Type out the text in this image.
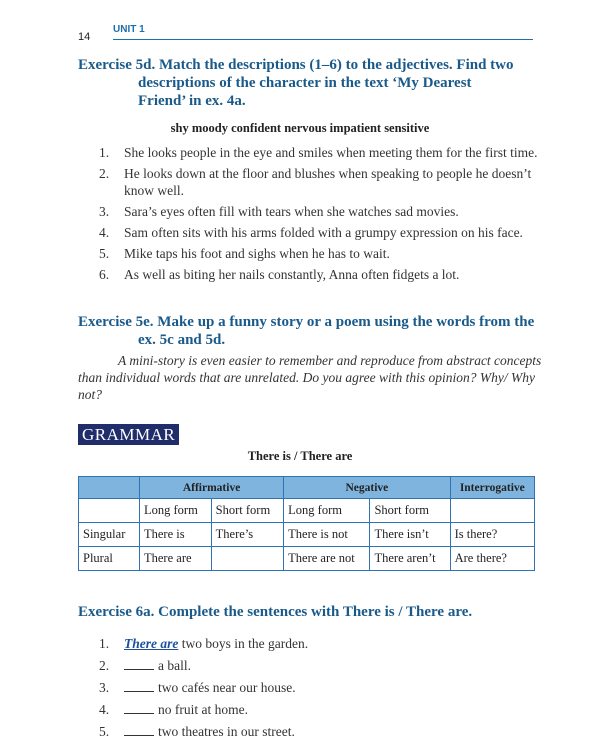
14
UNIT 1
Exercise 5d. Match the descriptions (1–6) to the adjectives. Find two
descriptions of the character in the text ‘My Dearest
Friend’ in ex. 4a.
shy moody confident nervous impatient sensitive
1. She looks people in the eye and smiles when meeting them for the first time.
2. He looks down at the floor and blushes when speaking to people he doesn’t know well.
3. Sara’s eyes often fill with tears when she watches sad movies.
4. Sam often sits with his arms folded with a grumpy expression on his face.
5. Mike taps his foot and sighs when he has to wait.
6. As well as biting her nails constantly, Anna often fidgets a lot.
Exercise 5e. Make up a funny story or a poem using the words from the
ex. 5c and 5d.
A mini-story is even easier to remember and reproduce from abstract concepts than individual words that are unrelated. Do you agree with this opinion? Why/ Why not?
GRAMMAR
There is / There are
	Affirmative		Negative		Interrogative
	Long form	Short form	Long form	Short form	
Singular	There is	There’s	There is not	There isn’t	Is there?
Plural	There are		There are not	There aren’t	Are there?
Exercise 6a. Complete the sentences with There is / There are.
1. There are two boys in the garden.
2.	a ball.
3.	two cafés near our house.
4.	no fruit at home.
5.	two theatres in our street.
